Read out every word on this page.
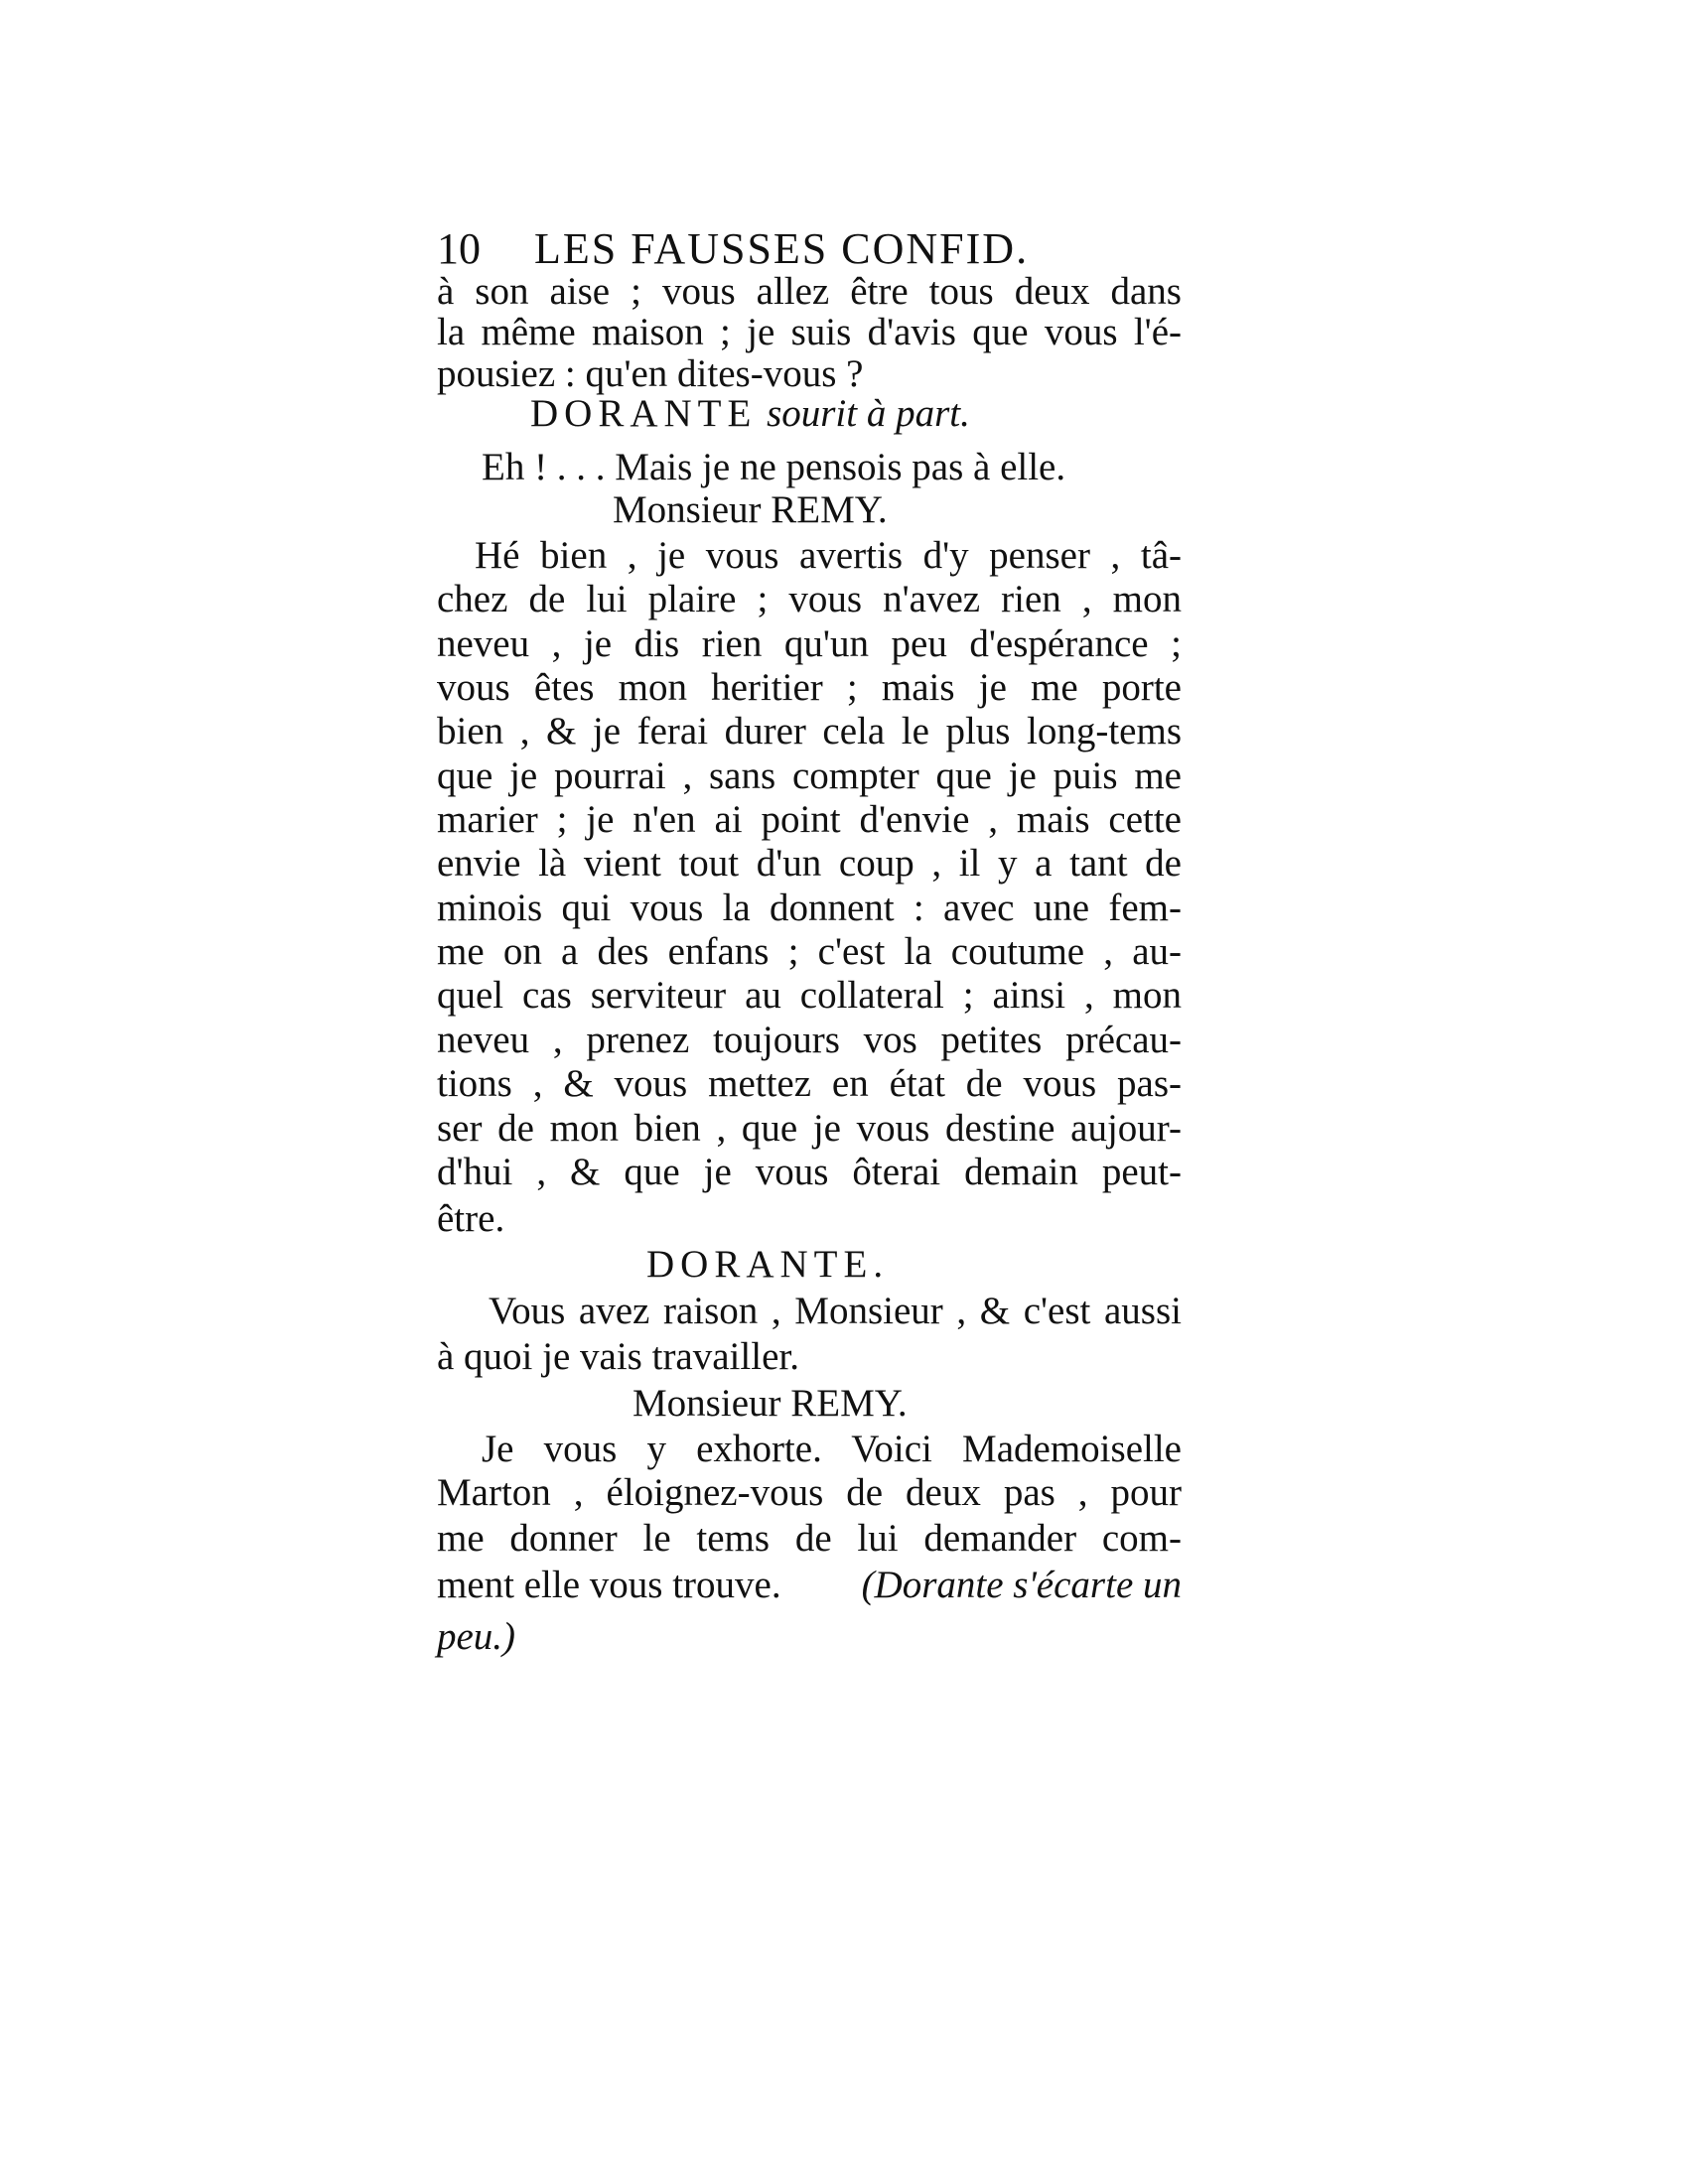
10 LES FAUSSES CONFID.
à son aise ; vous allez être tous deux dans
la même maison ; je suis d'avis que vous l'é-
pousiez : qu'en dites-vous ?
DORANTE sourit à part.
Eh ! . . . Mais je ne pensois pas à elle.
Monsieur REMY.
Hé bien , je vous avertis d'y penser , tâ-
chez de lui plaire ; vous n'avez rien , mon
neveu , je dis rien qu'un peu d'espérance ;
vous êtes mon heritier ; mais je me porte
bien , & je ferai durer cela le plus long-tems
que je pourrai , sans compter que je puis me
marier ; je n'en ai point d'envie , mais cette
envie là vient tout d'un coup , il y a tant de
minois qui vous la donnent : avec une fem-
me on a des enfans ; c'est la coutume , au-
quel cas serviteur au collateral ; ainsi , mon
neveu , prenez toujours vos petites précau-
tions , & vous mettez en état de vous pas-
ser de mon bien , que je vous destine aujour-
d'hui , & que je vous ôterai demain peut-
être.
DORANTE.
Vous avez raison , Monsieur , & c'est aussi
à quoi je vais travailler.
Monsieur REMY.
Je vous y exhorte. Voici Mademoiselle
Marton , éloignez-vous de deux pas , pour
me donner le tems de lui demander com-
ment elle vous trouve. (Dorante s'écarte un
peu.)
